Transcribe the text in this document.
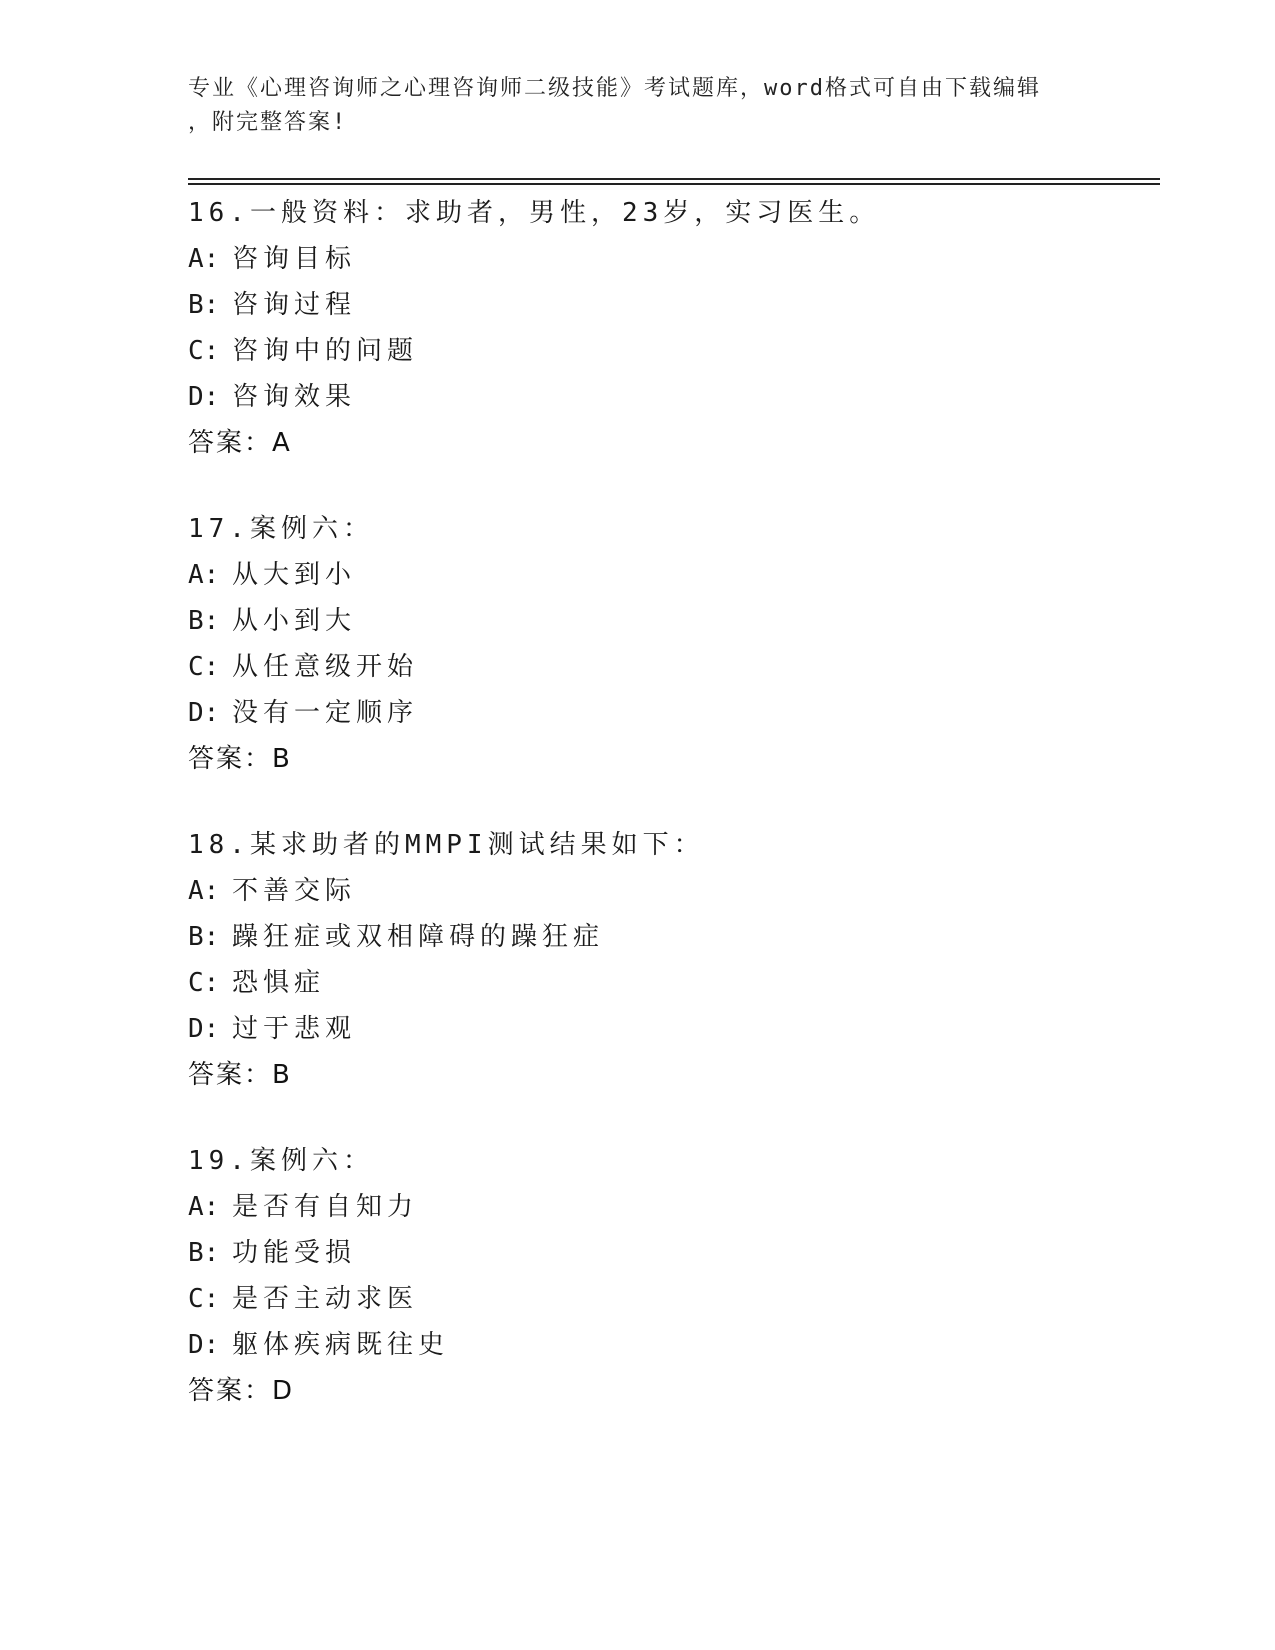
专业《心理咨询师之心理咨询师二级技能》考试题库，word格式可自由下载编辑
，附完整答案!
16.一般资料：求助者，男性，23岁，实习医生。
A: 咨询目标
B: 咨询过程
C: 咨询中的问题
D: 咨询效果
答案：A
17.案例六：
A: 从大到小
B: 从小到大
C: 从任意级开始
D: 没有一定顺序
答案：B
18.某求助者的MMPI测试结果如下：
A: 不善交际
B: 躁狂症或双相障碍的躁狂症
C: 恐惧症
D: 过于悲观
答案：B
19.案例六：
A: 是否有自知力
B: 功能受损
C: 是否主动求医
D: 躯体疾病既往史
答案：D
